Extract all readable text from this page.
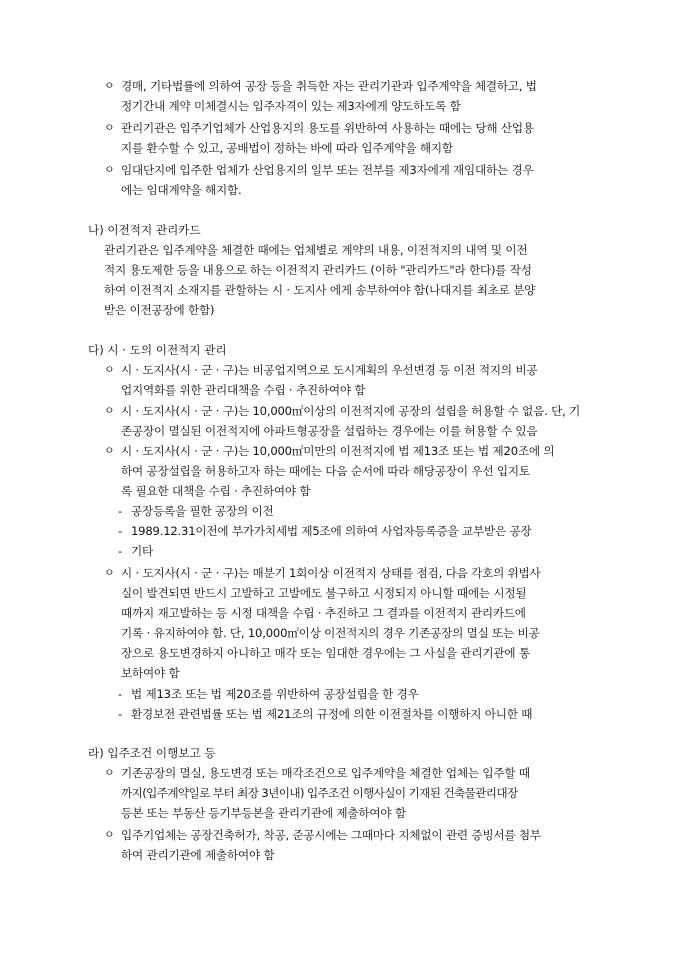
ㅇ 경매, 기타법률에 의하여 공장 등을 취득한 자는 관리기관과 입주계약을 체결하고, 법
정기간내 계약 미체결시는 입주자격이 있는 제3자에게 양도하도록 함
ㅇ 관리기관은 입주기업체가 산업용지의 용도를 위반하여 사용하는 때에는 당해 산업용
지를 환수할 수 있고, 공배법이 정하는 바에 따라 입주계약을 해지함
ㅇ 임대단지에 입주한 업체가 산업용지의 일부 또는 전부를 제3자에게 재임대하는 경우
에는 임대계약을 해지함.
나) 이전적지 관리카드
관리기관은 입주계약을 체결한 때에는 업체별로 계약의 내용, 이전적지의 내역 및 이전
적지 용도제한 등을 내용으로 하는 이전적지 관리카드 (이하 "관리카드"라 한다)를 작성
하여 이전적지 소재지를 관할하는 시 · 도지사 에게 송부하여야 함(나대지를 최초로 분양
받은 이전공장에 한함)
다) 시 · 도의 이전적지 관리
ㅇ 시 · 도지사(시 · 군 · 구)는 비공업지역으로 도시계획의 우선변경 등 이전 적지의 비공
업지역화를 위한 관리대책을 수립 · 추진하여야 함
ㅇ 시 · 도지사(시 · 군 · 구)는 10,000㎡이상의 이전적지에 공장의 설립을 허용할 수 없음. 단, 기
존공장이 멸실된 이전적지에 아파트형공장을 설립하는 경우에는 이를 허용할 수 있음
ㅇ 시 · 도지사(시 · 군 · 구)는 10,000㎡미만의 이전적지에 법 제13조 또는 법 제20조에 의
하여 공장설립을 허용하고자 하는 때에는 다음 순서에 따라 해당공장이 우선 입지토
록 필요한 대책을 수립 · 추진하여야 함
- 공장등록을 필한 공장의 이전
- 1989.12.31이전에 부가가치세법 제5조에 의하여 사업자등록증을 교부받은 공장
- 기타
ㅇ 시 · 도지사(시 · 군 · 구)는 매분기 1회이상 이전적지 상태를 점검, 다음 각호의 위법사
실이 발견되면 반드시 고발하고 고발에도 불구하고 시정되지 아니할 때에는 시정될
때까지 재고발하는 등 시정 대책을 수립 · 추진하고 그 결과를 이전적지 관리카드에
기록 · 유지하여야 함. 단, 10,000㎡이상 이전적지의 경우 기존공장의 멸실 또는 비공
장으로 용도변경하지 아니하고 매각 또는 임대한 경우에는 그 사실을 관리기관에 통
보하여야 함
- 법 제13조 또는 법 제20조를 위반하여 공장설립을 한 경우
- 환경보전 관련법률 또는 법 제21조의 규정에 의한 이전절차를 이행하지 아니한 때
라) 입주조건 이행보고 등
ㅇ 기존공장의 멸실, 용도변경 또는 매각조건으로 입주계약을 체결한 업체는 입주할 때
까지(입주계약일로 부터 최장 3년이내) 입주조건 이행사실이 기재된 건축물관리대장
등본 또는 부동산 등기부등본을 관리기관에 제출하여야 함
ㅇ 입주기업체는 공장건축허가, 착공, 준공시에는 그때마다 지체없이 관련 증빙서를 첨부
하여 관리기관에 제출하여야 함
